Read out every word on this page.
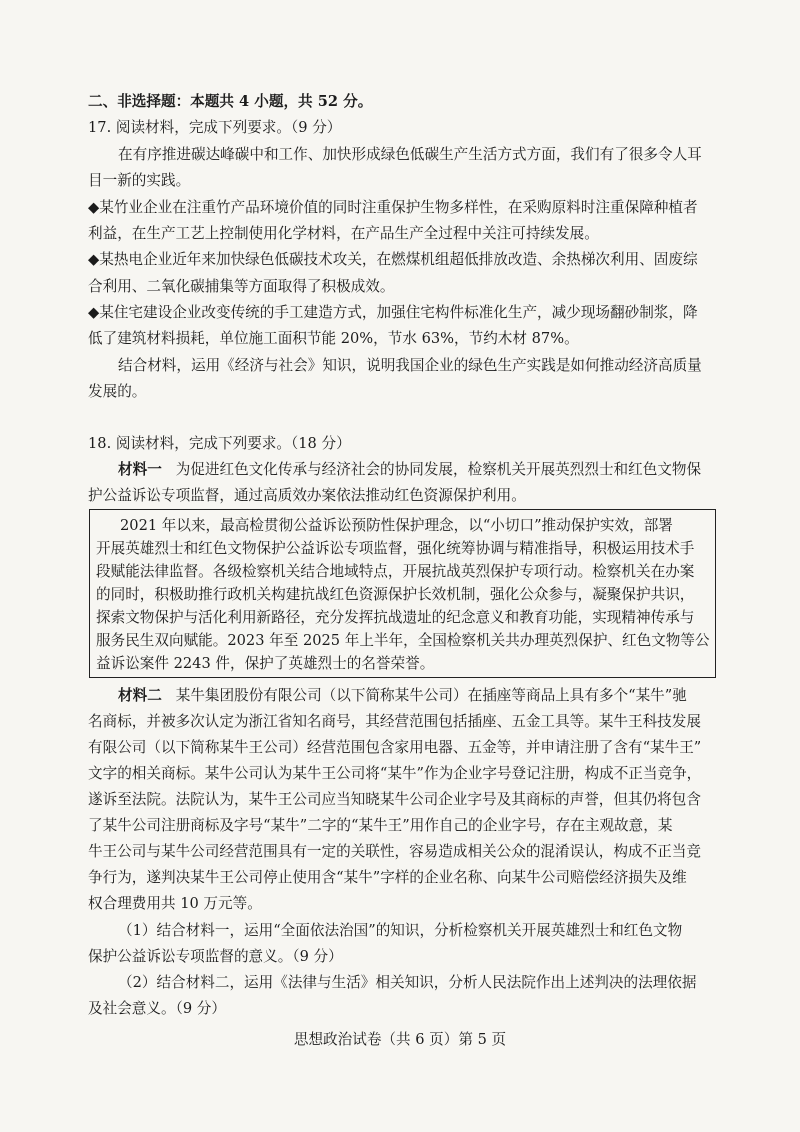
二、非选择题：本题共 4 小题，共 52 分。
17. 阅读材料，完成下列要求。（9 分）
在有序推进碳达峰碳中和工作、加快形成绿色低碳生产生活方式方面，我们有了很多令人耳
目一新的实践。
◆某竹业企业在注重竹产品环境价值的同时注重保护生物多样性，在采购原料时注重保障种植者
利益，在生产工艺上控制使用化学材料，在产品生产全过程中关注可持续发展。
◆某热电企业近年来加快绿色低碳技术攻关，在燃煤机组超低排放改造、余热梯次利用、固废综
合利用、二氧化碳捕集等方面取得了积极成效。
◆某住宅建设企业改变传统的手工建造方式，加强住宅构件标准化生产，减少现场翻砂制浆，降
低了建筑材料损耗，单位施工面积节能 20%，节水 63%，节约木材 87%。
结合材料，运用《经济与社会》知识，说明我国企业的绿色生产实践是如何推动经济高质量
发展的。
18. 阅读材料，完成下列要求。（18 分）
材料一 为促进红色文化传承与经济社会的协同发展，检察机关开展英烈烈士和红色文物保
护公益诉讼专项监督，通过高质效办案依法推动红色资源保护利用。
2021 年以来，最高检贯彻公益诉讼预防性保护理念，以“小切口”推动保护实效，部署
开展英雄烈士和红色文物保护公益诉讼专项监督，强化统筹协调与精准指导，积极运用技术手
段赋能法律监督。各级检察机关结合地域特点，开展抗战英烈保护专项行动。检察机关在办案
的同时，积极助推行政机关构建抗战红色资源保护长效机制，强化公众参与，凝聚保护共识，
探索文物保护与活化利用新路径，充分发挥抗战遗址的纪念意义和教育功能，实现精神传承与
服务民生双向赋能。2023 年至 2025 年上半年，全国检察机关共办理英烈保护、红色文物等公
益诉讼案件 2243 件，保护了英雄烈士的名誉荣誉。
材料二 某牛集团股份有限公司（以下简称某牛公司）在插座等商品上具有多个“某牛”驰
名商标，并被多次认定为浙江省知名商号，其经营范围包括插座、五金工具等。某牛王科技发展
有限公司（以下简称某牛王公司）经营范围包含家用电器、五金等，并申请注册了含有“某牛王”
文字的相关商标。某牛公司认为某牛王公司将“某牛”作为企业字号登记注册，构成不正当竞争，
遂诉至法院。法院认为，某牛王公司应当知晓某牛公司企业字号及其商标的声誉，但其仍将包含
了某牛公司注册商标及字号“某牛”二字的“某牛王”用作自己的企业字号，存在主观故意，某
牛王公司与某牛公司经营范围具有一定的关联性，容易造成相关公众的混淆误认，构成不正当竞
争行为，遂判决某牛王公司停止使用含“某牛”字样的企业名称、向某牛公司赔偿经济损失及维
权合理费用共 10 万元等。
（1）结合材料一，运用“全面依法治国”的知识，分析检察机关开展英雄烈士和红色文物
保护公益诉讼专项监督的意义。（9 分）
（2）结合材料二，运用《法律与生活》相关知识，分析人民法院作出上述判决的法理依据
及社会意义。（9 分）
思想政治试卷（共 6 页）第 5 页
